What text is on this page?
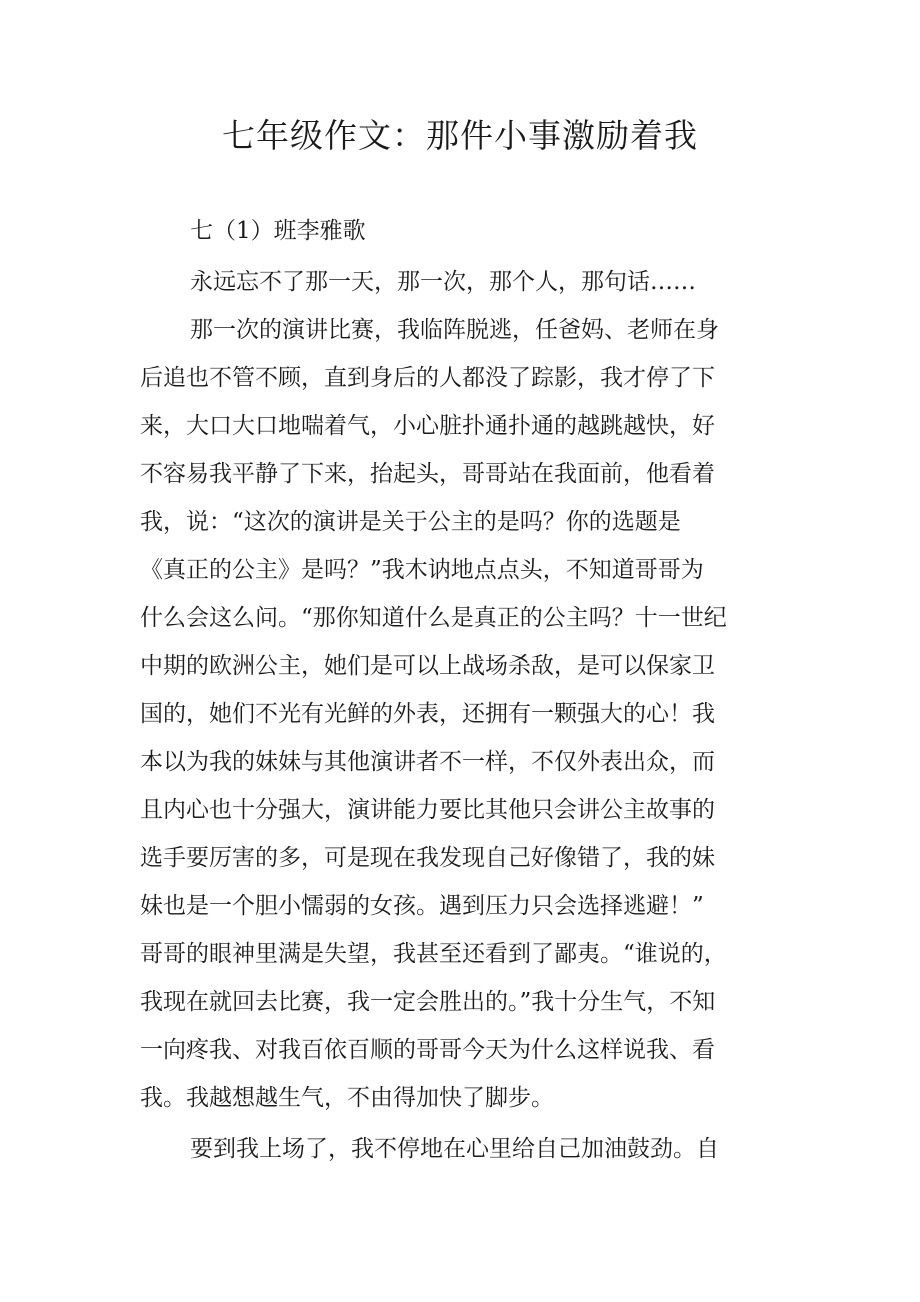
七年级作文：那件小事激励着我

七（1）班李雅歌

永远忘不了那一天，那一次，那个人，那句话……

那一次的演讲比赛，我临阵脱逃，任爸妈、老师在身

后追也不管不顾，直到身后的人都没了踪影，我才停了下

来，大口大口地喘着气，小心脏扑通扑通的越跳越快，好

不容易我平静了下来，抬起头，哥哥站在我面前，他看着

我，说：“这次的演讲是关于公主的是吗？你的选题是

《真正的公主》是吗？”我木讷地点点头，不知道哥哥为

什么会这么问。“那你知道什么是真正的公主吗？十一世纪

中期的欧洲公主，她们是可以上战场杀敌，是可以保家卫

国的，她们不光有光鲜的外表，还拥有一颗强大的心！我

本以为我的妹妹与其他演讲者不一样，不仅外表出众，而

且内心也十分强大，演讲能力要比其他只会讲公主故事的

选手要厉害的多，可是现在我发现自己好像错了，我的妹

妹也是一个胆小懦弱的女孩。遇到压力只会选择逃避！”

哥哥的眼神里满是失望，我甚至还看到了鄙夷。“谁说的，

我现在就回去比赛，我一定会胜出的。”我十分生气，不知

一向疼我、对我百依百顺的哥哥今天为什么这样说我、看

我。我越想越生气，不由得加快了脚步。

要到我上场了，我不停地在心里给自己加油鼓劲。自
